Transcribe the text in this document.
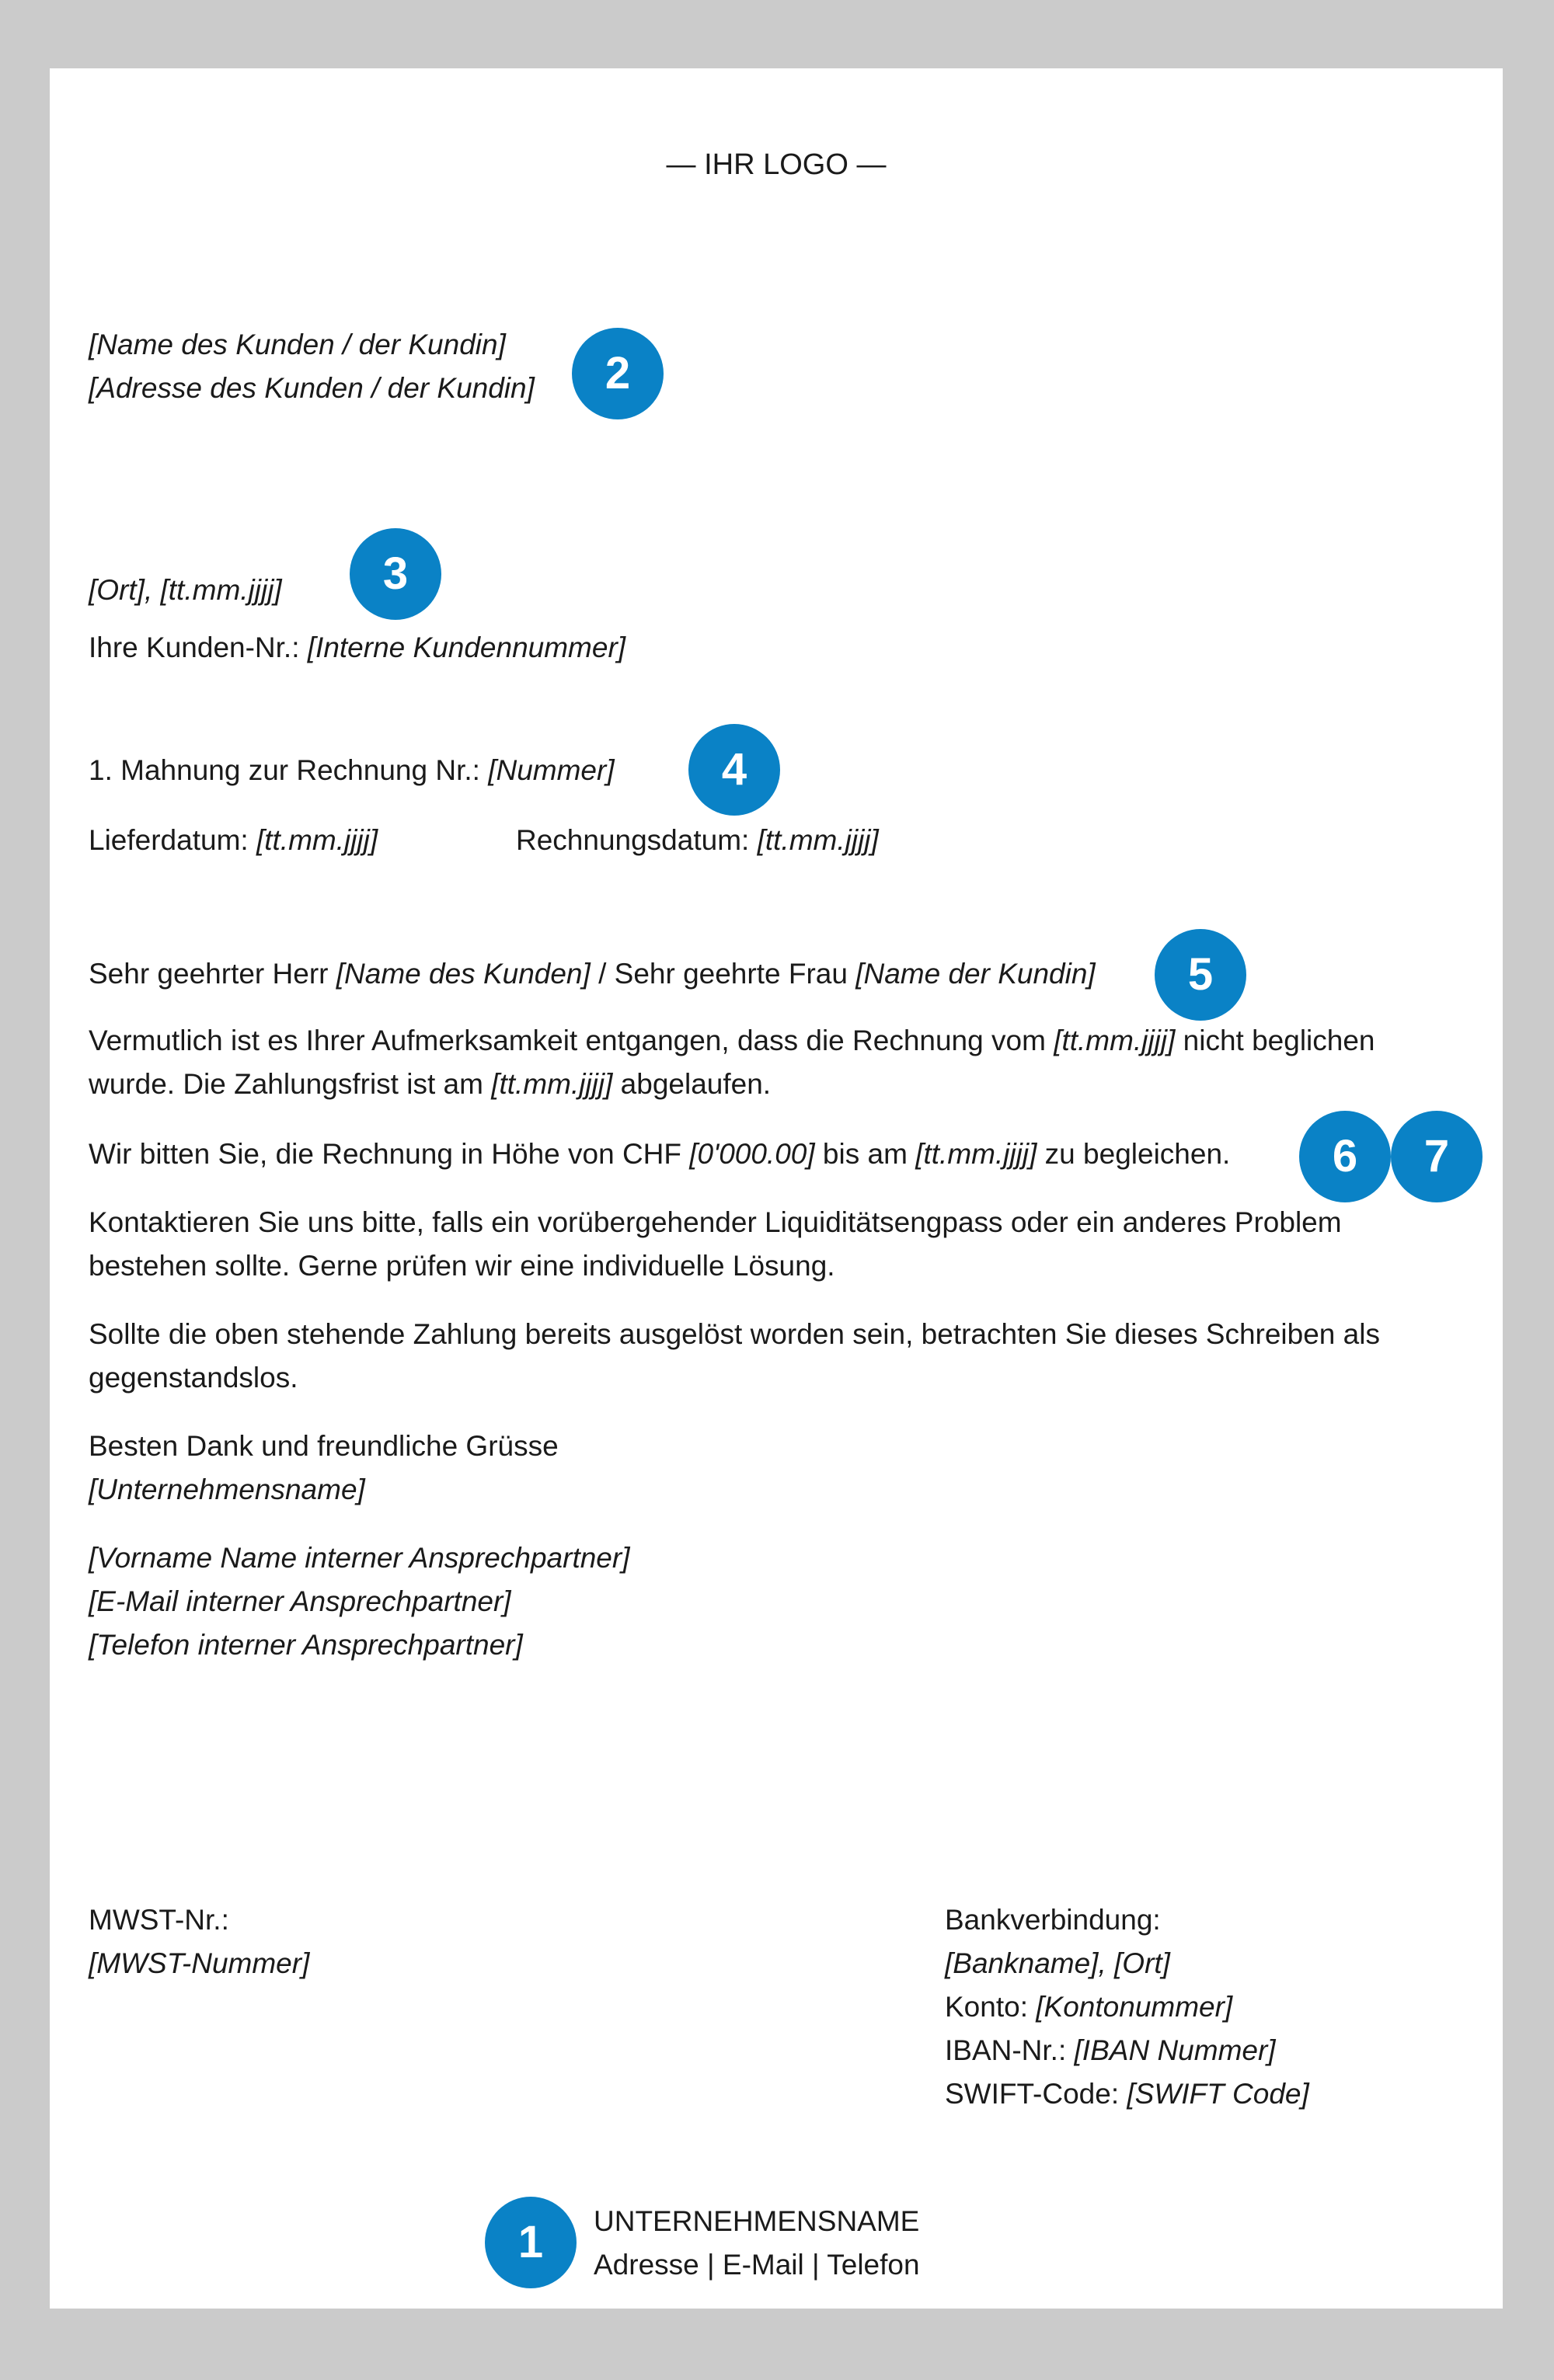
— IHR LOGO —
[Name des Kunden / der Kundin]
[Adresse des Kunden / der Kundin]	2
[Ort], [tt.mm.jjjj]	3
Ihre Kunden-Nr.: [Interne Kundennummer]
1. Mahnung zur Rechnung Nr.: [Nummer]	4
Lieferdatum: [tt.mm.jjjj]	Rechnungsdatum: [tt.mm.jjjj]
Sehr geehrter Herr [Name des Kunden] / Sehr geehrte Frau [Name der Kundin]	5
Vermutlich ist es Ihrer Aufmerksamkeit entgangen, dass die Rechnung vom [tt.mm.jjjj] nicht beglichen
wurde. Die Zahlungsfrist ist am [tt.mm.jjjj] abgelaufen.
Wir bitten Sie, die Rechnung in Höhe von CHF [0'000.00] bis am [tt.mm.jjjj] zu begleichen.	6	7
Kontaktieren Sie uns bitte, falls ein vorübergehender Liquiditätsengpass oder ein anderes Problem
bestehen sollte. Gerne prüfen wir eine individuelle Lösung.
Sollte die oben stehende Zahlung bereits ausgelöst worden sein, betrachten Sie dieses Schreiben als
gegenstandslos.
Besten Dank und freundliche Grüsse
[Unternehmensname]
[Vorname Name interner Ansprechpartner]
[E-Mail interner Ansprechpartner]
[Telefon interner Ansprechpartner]
MWST-Nr.:
[MWST-Nummer]
Bankverbindung:
[Bankname], [Ort]
Konto: [Kontonummer]
IBAN-Nr.: [IBAN Nummer]
SWIFT-Code: [SWIFT Code]
1	UNTERNEHMENSNAME
Adresse | E-Mail | Telefon
